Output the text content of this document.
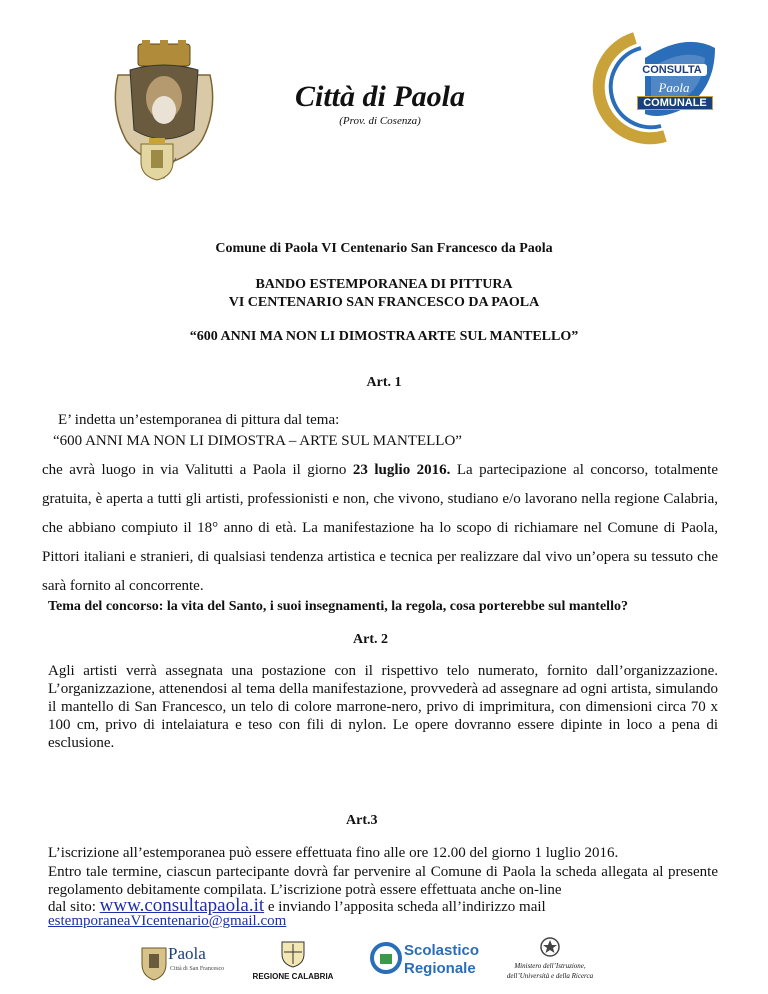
Città di Paola
(Prov. di Cosenza)
CONSULTA
Paola
COMUNALE
Comune di Paola VI Centenario San Francesco da Paola
BANDO ESTEMPORANEA DI PITTURA
VI CENTENARIO SAN FRANCESCO DA PAOLA
“600 ANNI MA NON LI DIMOSTRA ARTE SUL MANTELLO”
Art. 1
E’ indetta un’estemporanea di pittura dal tema:
“600 ANNI MA NON LI DIMOSTRA – ARTE SUL MANTELLO”

che avrà luogo in via Valitutti a Paola il giorno 23 luglio 2016. La partecipazione al concorso, totalmente gratuita, è aperta a tutti gli artisti, professionisti e non, che vivono, studiano e/o lavorano nella regione Calabria, che abbiano compiuto il 18° anno di età. La manifestazione ha lo scopo di richiamare nel Comune di Paola, Pittori italiani e stranieri, di qualsiasi tendenza artistica e tecnica per realizzare dal vivo un’opera su tessuto che sarà fornito al concorrente.

Tema del concorso: la vita del Santo, i suoi insegnamenti, la regola, cosa porterebbe sul mantello?

Art. 2

Agli artisti verrà assegnata una postazione con il rispettivo telo numerato, fornito dall’organizzazione. L’organizzazione, attenendosi al tema della manifestazione, provvederà ad assegnare ad ogni artista, simulando il mantello di San Francesco, un telo di colore marrone-nero, privo di imprimitura, con dimensioni circa 70 x 100 cm, privo di intelaiatura e teso con fili di nylon. Le opere dovranno essere dipinte in loco a pena di esclusione.

Art.3
L’iscrizione all’estemporanea può essere effettuata fino alle ore 12.00 del giorno 1 luglio 2016.

Entro tale termine, ciascun partecipante dovrà far pervenire al Comune di Paola la scheda allegata al presente regolamento debitamente compilata. L’iscrizione potrà essere effettuata anche on-line

dal sito: www.consultapaola.it e inviando l’apposita scheda all’indirizzo mail
estemporaneaVIcentenario@gmail.com
Paola
Città di San Francesco
REGIONE CALABRIA
Scolastico
Regionale	Ministero dell’Istruzione,
dell’Università e della Ricerca
